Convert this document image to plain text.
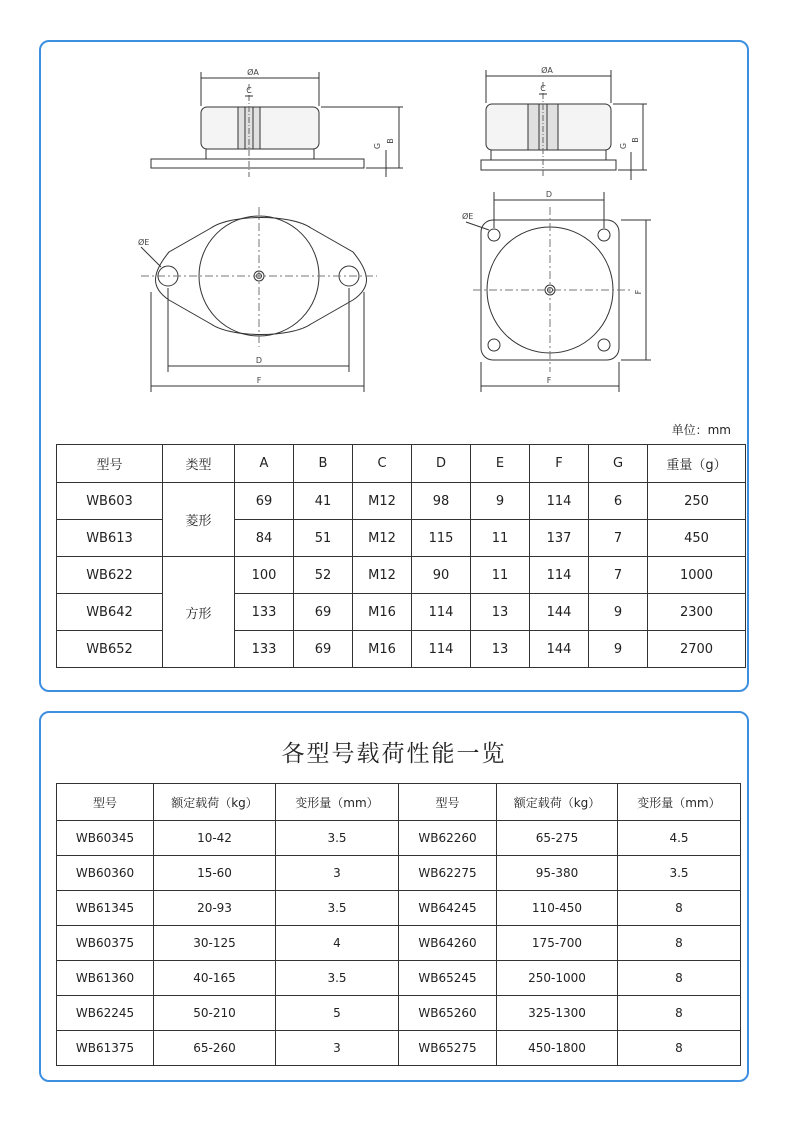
ØA
C
B
G
ØA
C
B
G
ØE
D
F
ØE
D
F
F
单位：mm
型号	类型	A	B	C	D	E	F	G	重量（g）
WB603	菱形	69	41	M12	98	9	114	6	250
WB613		84	51	M12	115	11	137	7	450
WB622	方形	100	52	M12	90	11	114	7	1000
WB642		133	69	M16	114	13	144	9	2300
WB652		133	69	M16	114	13	144	9	2700
各型号载荷性能一览
型号	额定载荷（kg）	变形量（mm）	型号	额定载荷（kg）	变形量（mm）
WB60345	10-42	3.5	WB62260	65-275	4.5
WB60360	15-60	3	WB62275	95-380	3.5
WB61345	20-93	3.5	WB64245	110-450	8
WB60375	30-125	4	WB64260	175-700	8
WB61360	40-165	3.5	WB65245	250-1000	8
WB62245	50-210	5	WB65260	325-1300	8
WB61375	65-260	3	WB65275	450-1800	8
